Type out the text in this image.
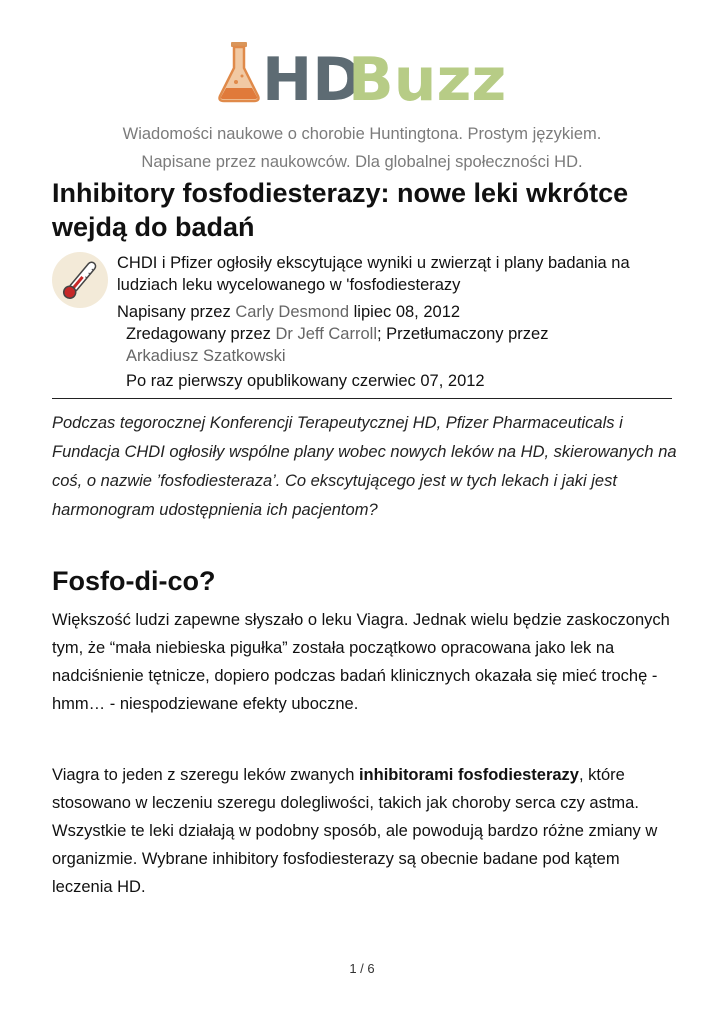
HD
Buzz
Wiadomości naukowe o chorobie Huntingtona. Prostym językiem.
Napisane przez naukowców. Dla globalnej społeczności HD.
Inhibitory fosfodiesterazy: nowe leki wkrótce wejdą do badań
CHDI i Pfizer ogłosiły ekscytujące wyniki u zwierząt i plany badania na ludziach leku wycelowanego w 'fosfodiesterazy
Napisany przez Carly Desmond lipiec 08, 2012
Zredagowany przez Dr Jeff Carroll; Przetłumaczony przez
Arkadiusz Szatkowski
Po raz pierwszy opublikowany czerwiec 07, 2012

Podczas tegorocznej Konferencji Terapeutycznej HD, Pfizer Pharmaceuticals i Fundacja CHDI ogłosiły wspólne plany wobec nowych leków na HD, skierowanych na coś, o nazwie ’fosfodiesteraza’. Co ekscytującego jest w tych lekach i jaki jest harmonogram udostępnienia ich pacjentom?

Fosfo-di-co?

Większość ludzi zapewne słyszało o leku Viagra. Jednak wielu będzie zaskoczonych tym, że “mała niebieska pigułka” została początkowo opracowana jako lek na nadciśnienie tętnicze, dopiero podczas badań klinicznych okazała się mieć trochę - hmm… - niespodziewane efekty uboczne.

Viagra to jeden z szeregu leków zwanych inhibitorami fosfodiesterazy, które stosowano w leczeniu szeregu dolegliwości, takich jak choroby serca czy astma. Wszystkie te leki działają w podobny sposób, ale powodują bardzo różne zmiany w organizmie. Wybrane inhibitory fosfodiesterazy są obecnie badane pod kątem leczenia HD.

1 / 6
